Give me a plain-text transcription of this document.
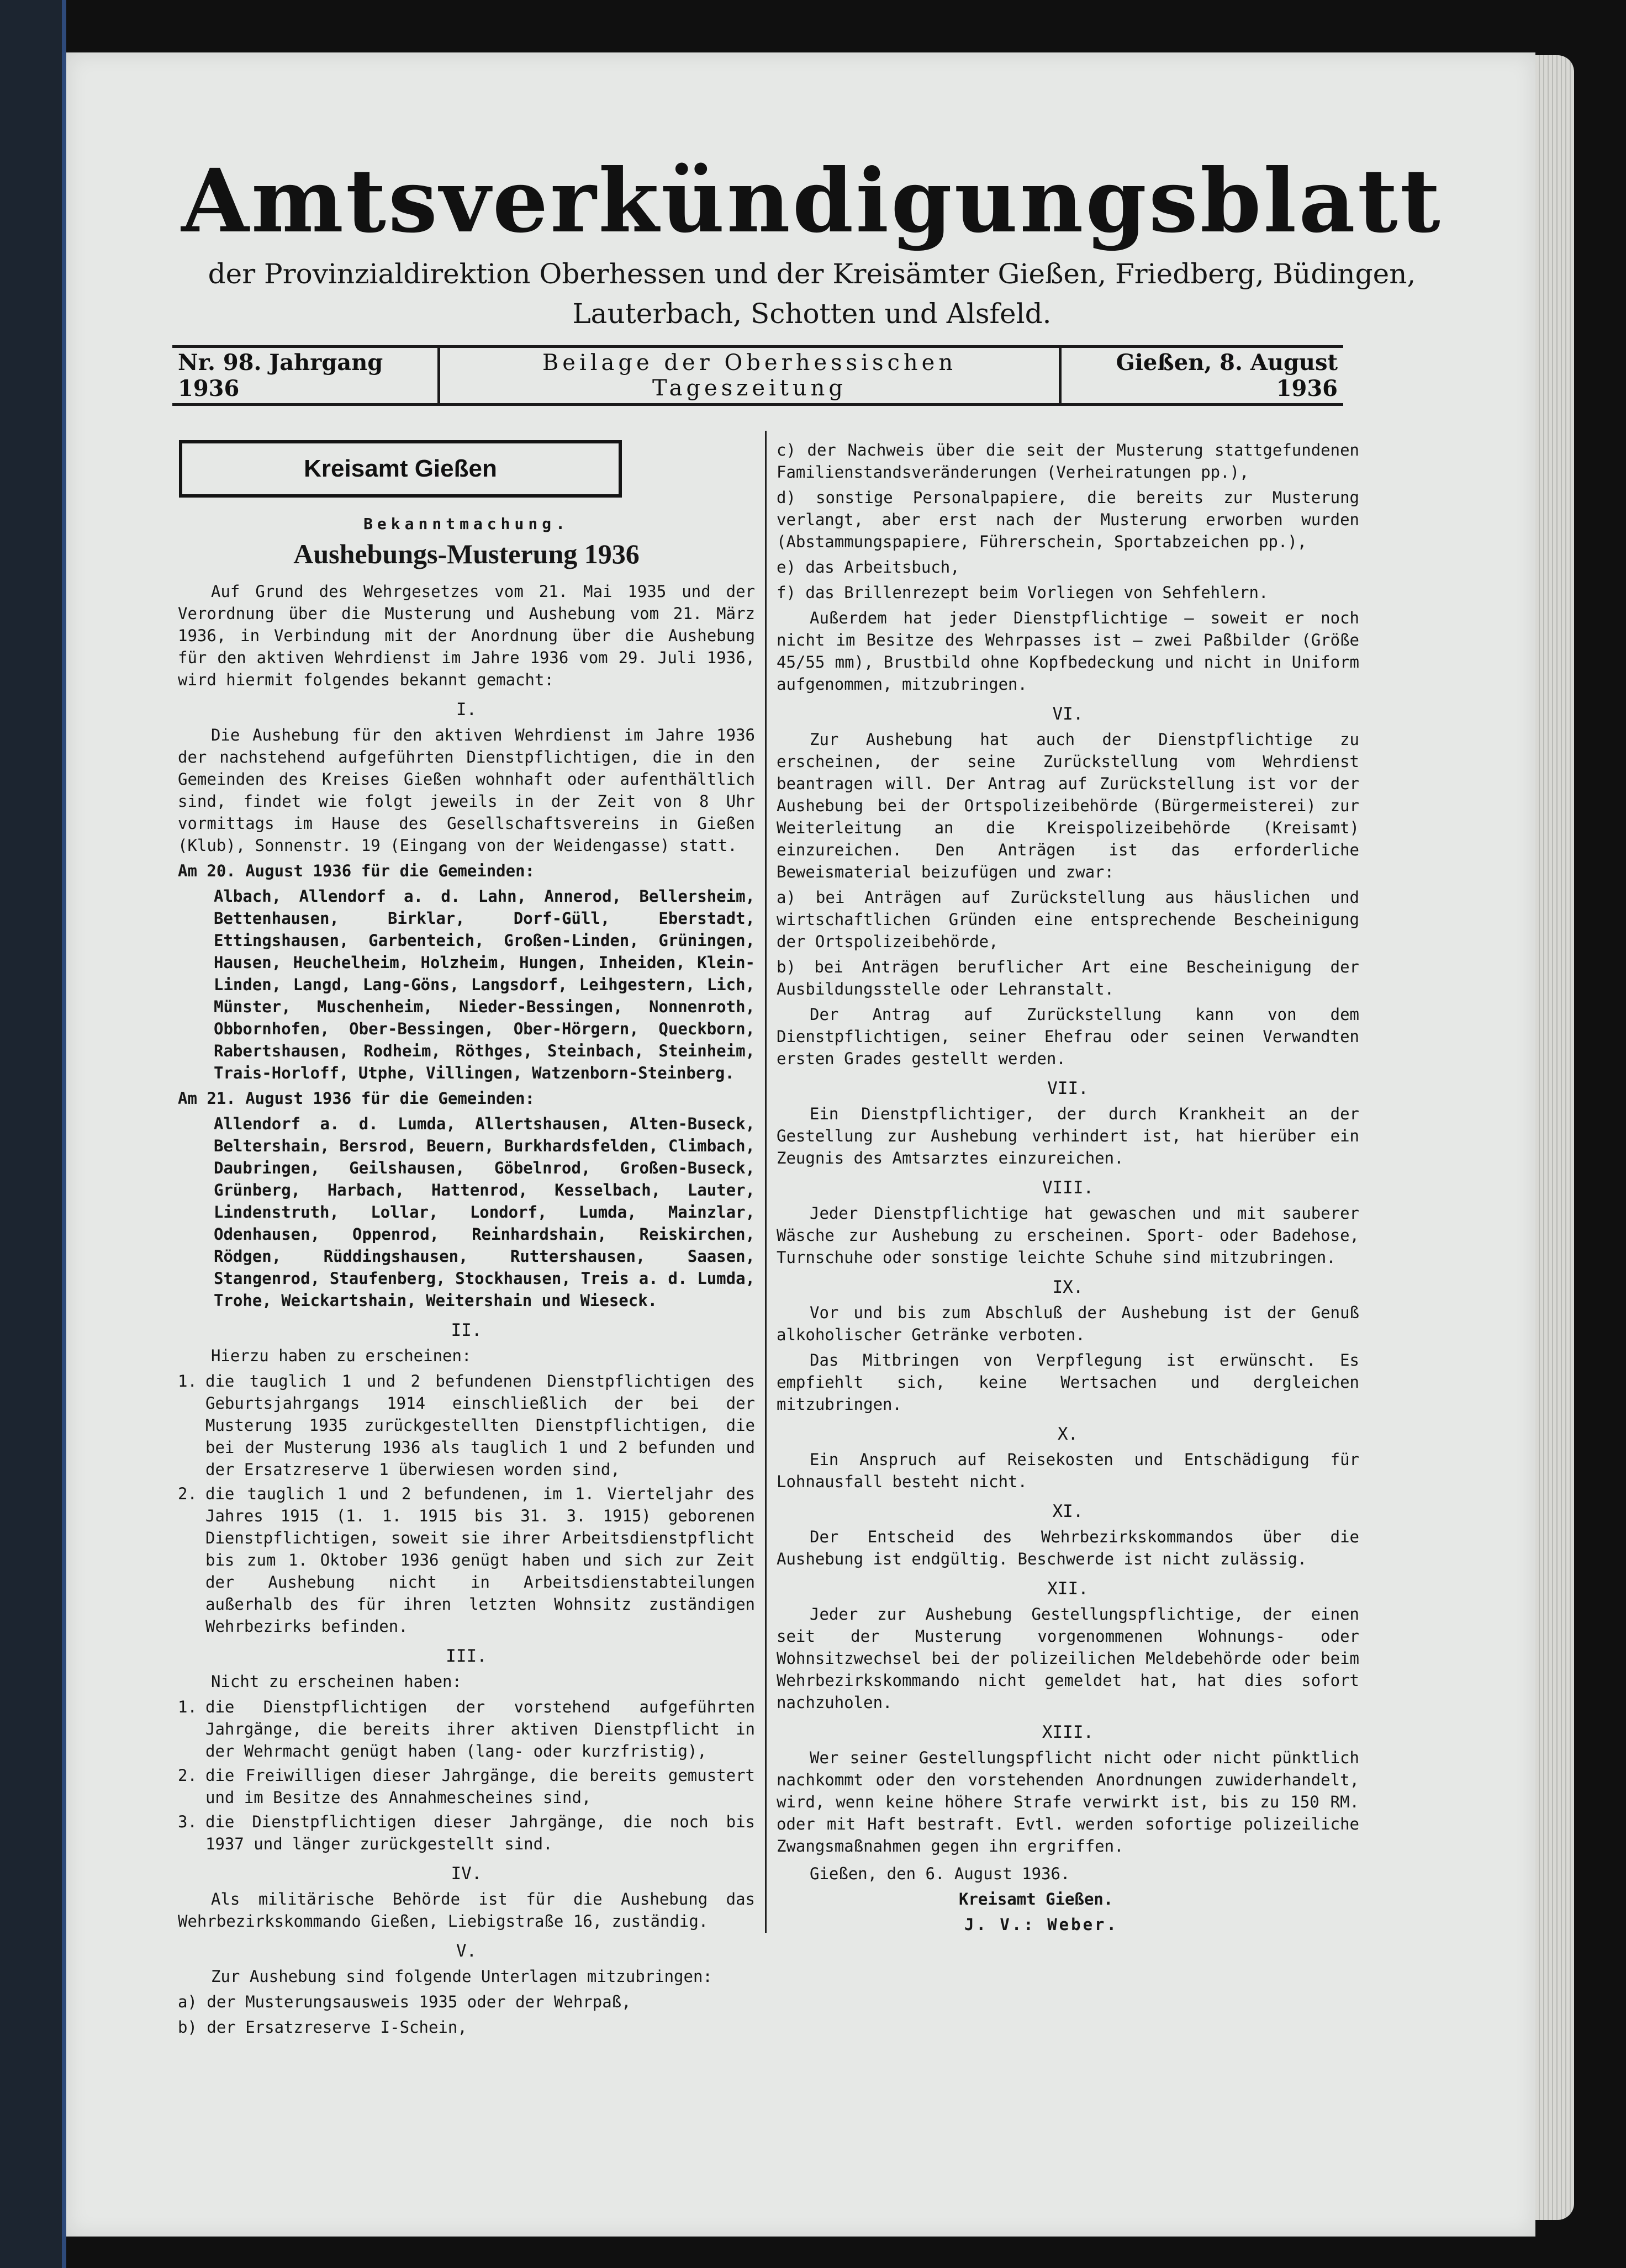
Amtsverkündigungsblatt
der Provinzialdirektion Oberhessen und der Kreisämter Gießen, Friedberg, Büdingen,
Lauterbach, Schotten und Alsfeld.
Nr. 98. Jahrgang 1936
Beilage der Oberhessischen Tageszeitung
Gießen, 8. August 1936
Kreisamt Gießen
Bekanntmachung.
Aushebungs-Musterung 1936

Auf Grund des Wehrgesetzes vom 21. Mai 1935 und der Verordnung über die Musterung und Aushebung vom 21. März 1936, in Verbindung mit der Anordnung über die Aushebung für den aktiven Wehrdienst im Jahre 1936 vom 29. Juli 1936, wird hiermit folgendes bekannt gemacht:

I.

Die Aushebung für den aktiven Wehrdienst im Jahre 1936 der nachstehend aufgeführten Dienstpflichtigen, die in den Gemeinden des Kreises Gießen wohnhaft oder aufenthältlich sind, findet wie folgt jeweils in der Zeit von 8 Uhr vormittags im Hause des Gesellschaftsvereins in Gießen (Klub), Sonnenstr. 19 (Eingang von der Weidengasse) statt.

Am 20. August 1936 für die Gemeinden:

Albach, Allendorf a. d. Lahn, Annerod, Bellersheim, Bettenhausen, Birklar, Dorf-Güll, Eberstadt, Ettingshausen, Garbenteich, Großen-Linden, Grüningen, Hausen, Heuchelheim, Holzheim, Hungen, Inheiden, Klein-Linden, Langd, Lang-Göns, Langsdorf, Leihgestern, Lich, Münster, Muschenheim, Nieder-Bessingen, Nonnenroth, Obbornhofen, Ober-Bessingen, Ober-Hörgern, Queckborn, Rabertshausen, Rodheim, Röthges, Steinbach, Steinheim, Trais-Horloff, Utphe, Villingen, Watzenborn-Steinberg.

Am 21. August 1936 für die Gemeinden:

Allendorf a. d. Lumda, Allertshausen, Alten-Buseck, Beltershain, Bersrod, Beuern, Burkhardsfelden, Climbach, Daubringen, Geilshausen, Göbelnrod, Großen-Buseck, Grünberg, Harbach, Hattenrod, Kesselbach, Lauter, Lindenstruth, Lollar, Londorf, Lumda, Mainzlar, Odenhausen, Oppenrod, Reinhardshain, Reiskirchen, Rödgen, Rüddingshausen, Ruttershausen, Saasen, Stangenrod, Staufenberg, Stockhausen, Treis a. d. Lumda, Trohe, Weickartshain, Weitershain und Wieseck.

II.

Hierzu haben zu erscheinen:

1. die tauglich 1 und 2 befundenen Dienstpflichtigen des Geburtsjahrgangs 1914 einschließlich der bei der Musterung 1935 zurückgestellten Dienstpflichtigen, die bei der Musterung 1936 als tauglich 1 und 2 befunden und der Ersatzreserve 1 überwiesen worden sind,
2. die tauglich 1 und 2 befundenen, im 1. Vierteljahr des Jahres 1915 (1. 1. 1915 bis 31. 3. 1915) geborenen Dienstpflichtigen, soweit sie ihrer Arbeitsdienstpflicht bis zum 1. Oktober 1936 genügt haben und sich zur Zeit der Aushebung nicht in Arbeitsdienstabteilungen außerhalb des für ihren letzten Wohnsitz zuständigen Wehrbezirks befinden.
III.

Nicht zu erscheinen haben:

1. die Dienstpflichtigen der vorstehend aufgeführten Jahrgänge, die bereits ihrer aktiven Dienstpflicht in der Wehrmacht genügt haben (lang- oder kurzfristig),
2. die Freiwilligen dieser Jahrgänge, die bereits gemustert und im Besitze des Annahmescheines sind,
3. die Dienstpflichtigen dieser Jahrgänge, die noch bis 1937 und länger zurückgestellt sind.
IV.

Als militärische Behörde ist für die Aushebung das Wehrbezirkskommando Gießen, Liebigstraße 16, zuständig.

V.

Zur Aushebung sind folgende Unterlagen mitzubringen:

a) der Musterungsausweis 1935 oder der Wehrpaß,

b) der Ersatzreserve I-Schein,

c) der Nachweis über die seit der Musterung stattgefundenen Familienstandsveränderungen (Verheiratungen pp.),

d) sonstige Personalpapiere, die bereits zur Musterung verlangt, aber erst nach der Musterung erworben wurden (Abstammungspapiere, Führerschein, Sportabzeichen pp.),

e) das Arbeitsbuch,

f) das Brillenrezept beim Vorliegen von Sehfehlern.

Außerdem hat jeder Dienstpflichtige — soweit er noch nicht im Besitze des Wehrpasses ist — zwei Paßbilder (Größe 45/55 mm), Brustbild ohne Kopfbedeckung und nicht in Uniform aufgenommen, mitzubringen.

VI.

Zur Aushebung hat auch der Dienstpflichtige zu erscheinen, der seine Zurückstellung vom Wehrdienst beantragen will. Der Antrag auf Zurückstellung ist vor der Aushebung bei der Ortspolizeibehörde (Bürgermeisterei) zur Weiterleitung an die Kreispolizeibehörde (Kreisamt) einzureichen. Den Anträgen ist das erforderliche Beweismaterial beizufügen und zwar:

a) bei Anträgen auf Zurückstellung aus häuslichen und wirtschaftlichen Gründen eine entsprechende Bescheinigung der Ortspolizeibehörde,

b) bei Anträgen beruflicher Art eine Bescheinigung der Ausbildungsstelle oder Lehranstalt.

Der Antrag auf Zurückstellung kann von dem Dienstpflichtigen, seiner Ehefrau oder seinen Verwandten ersten Grades gestellt werden.

VII.

Ein Dienstpflichtiger, der durch Krankheit an der Gestellung zur Aushebung verhindert ist, hat hierüber ein Zeugnis des Amtsarztes einzureichen.

VIII.

Jeder Dienstpflichtige hat gewaschen und mit sauberer Wäsche zur Aushebung zu erscheinen. Sport- oder Badehose, Turnschuhe oder sonstige leichte Schuhe sind mitzubringen.

IX.

Vor und bis zum Abschluß der Aushebung ist der Genuß alkoholischer Getränke verboten.

Das Mitbringen von Verpflegung ist erwünscht. Es empfiehlt sich, keine Wertsachen und dergleichen mitzubringen.

X.

Ein Anspruch auf Reisekosten und Entschädigung für Lohnausfall besteht nicht.

XI.

Der Entscheid des Wehrbezirkskommandos über die Aushebung ist endgültig. Beschwerde ist nicht zulässig.

XII.

Jeder zur Aushebung Gestellungspflichtige, der einen seit der Musterung vorgenommenen Wohnungs- oder Wohnsitzwechsel bei der polizeilichen Meldebehörde oder beim Wehrbezirkskommando nicht gemeldet hat, hat dies sofort nachzuholen.

XIII.

Wer seiner Gestellungspflicht nicht oder nicht pünktlich nachkommt oder den vorstehenden Anordnungen zuwiderhandelt, wird, wenn keine höhere Strafe verwirkt ist, bis zu 150 RM. oder mit Haft bestraft. Evtl. werden sofortige polizeiliche Zwangsmaßnahmen gegen ihn ergriffen.

Gießen, den 6. August 1936.

Kreisamt Gießen.

J. V.: Weber.
